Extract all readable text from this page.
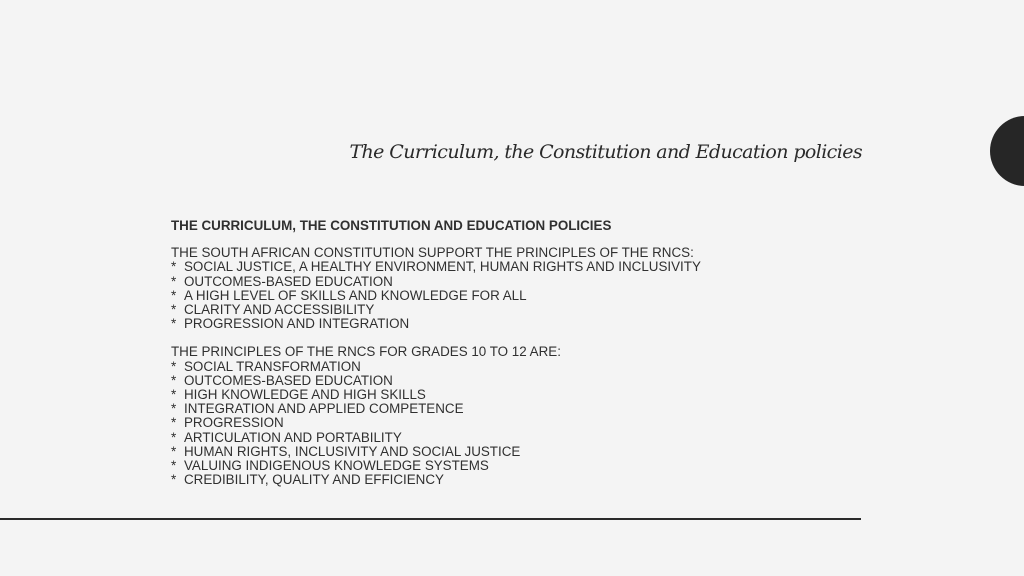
The Curriculum, the Constitution and Education policies
THE CURRICULUM, THE CONSTITUTION AND EDUCATION POLICIES

THE SOUTH AFRICAN CONSTITUTION SUPPORT THE PRINCIPLES OF THE RNCS:

* SOCIAL JUSTICE, A HEALTHY ENVIRONMENT, HUMAN RIGHTS AND INCLUSIVITY
* OUTCOMES-BASED EDUCATION
* A HIGH LEVEL OF SKILLS AND KNOWLEDGE FOR ALL
* CLARITY AND ACCESSIBILITY
* PROGRESSION AND INTEGRATION

THE PRINCIPLES OF THE RNCS FOR GRADES 10 TO 12 ARE:

* SOCIAL TRANSFORMATION
* OUTCOMES-BASED EDUCATION
* HIGH KNOWLEDGE AND HIGH SKILLS
* INTEGRATION AND APPLIED COMPETENCE
* PROGRESSION
* ARTICULATION AND PORTABILITY
* HUMAN RIGHTS, INCLUSIVITY AND SOCIAL JUSTICE
* VALUING INDIGENOUS KNOWLEDGE SYSTEMS
* CREDIBILITY, QUALITY AND EFFICIENCY
